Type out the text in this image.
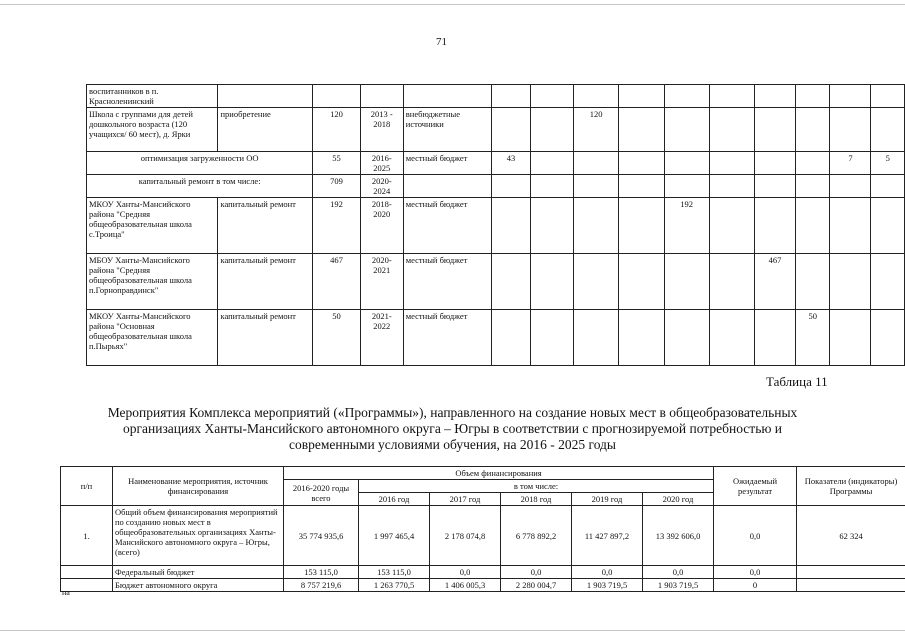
71
воспитанников в п. Красноленинский														
Школа с группами для детей дошкольного возраста (120 учащихся/ 60 мест), д. Ярки	приобретение	120	2013 - 2018	внебюджетные источники			120							
оптимизация загруженности ОО		55	2016- 2025	местный бюджет	43								7	5
капитальный ремонт в том числе:		709	2020- 2024											
МКОУ Ханты-Мансийского района "Средняя общеобразовательная школа с.Троица"	капитальный ремонт	192	2018- 2020	местный бюджет					192					
МБОУ Ханты-Мансийского района "Средняя общеобразовательная школа п.Горноправдинск"	капитальный ремонт	467	2020- 2021	местный бюджет							467			
МКОУ Ханты-Мансийского района "Основная общеобразовательная школа п.Пырьях"	капитальный ремонт	50	2021- 2022	местный бюджет								50		
Таблица 11
Мероприятия Комплекса мероприятий («Программы»), направленного на создание новых мест в общеобразовательных
организациях Ханты-Мансийского автономного округа – Югры в соответствии с прогнозируемой потребностью и
современными условиями обучения, на 2016 - 2025 годы
п/п	Наименование мероприятия, источник финансирования	Объем финансирования						Ожидаемый результат	Показатели (индикаторы) Программы
		2016-2020 годы всего	в том числе:						
			2016 год	2017 год	2018 год	2019 год	2020 год		
1.	Общий объем финансирования мероприятий по созданию новых мест в общеобразовательных организациях Ханты-Мансийского автономного округа – Югры, (всего)	35 774 935,6	1 997 465,4	2 178 074,8	6 778 892,2	11 427 897,2	13 392 606,0	0,0	62 324
	Федеральный бюджет	153 115,0	153 115,0	0,0	0,0	0,0	0,0	0,0	
	Бюджет автономного округа	8 757 219,6	1 263 770,5	1 406 005,3	2 280 004,7	1 903 719,5	1 903 719,5	0	
на
